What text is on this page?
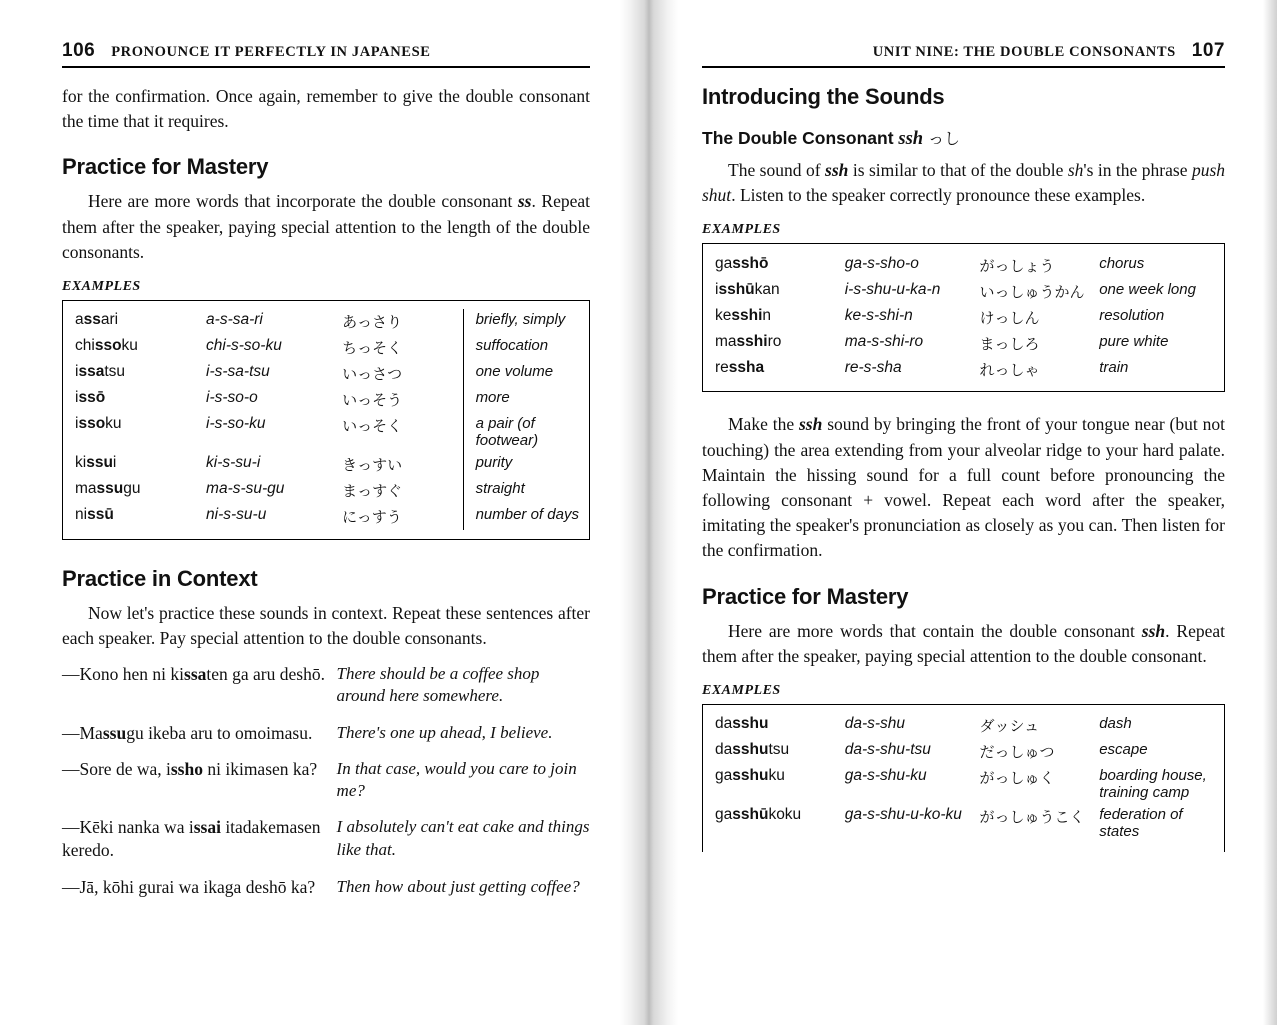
106 PRONOUNCE IT PERFECTLY IN JAPANESE

for the confirmation. Once again, remember to give the double consonant the time that it requires.

Practice for Mastery

Here are more words that incorporate the double consonant ss. Repeat them after the speaker, paying special attention to the length of the double consonants.

EXAMPLES
assari	a-s-sa-ri	あっさり	briefly, simply
chissoku	chi-s-so-ku	ちっそく	suffocation
issatsu	i-s-sa-tsu	いっさつ	one volume
issō	i-s-so-o	いっそう	more
issoku	i-s-so-ku	いっそく	a pair (of footwear)
kissui	ki-s-su-i	きっすい	purity
massugu	ma-s-su-gu	まっすぐ	straight
nissū	ni-s-su-u	にっすう	number of days
Practice in Context

Now let's practice these sounds in context. Repeat these sentences after each speaker. Pay special attention to the double consonants.

—Kono hen ni kissaten ga aru deshō.	There should be a coffee shop around here somewhere.
—Massugu ikeba aru to omoimasu.	There's one up ahead, I believe.
—Sore de wa, issho ni ikimasen ka?	In that case, would you care to join me?
—Kēki nanka wa issai itadakemasen keredo.	I absolutely can't eat cake and things like that.
—Jā, kōhi gurai wa ikaga deshō ka?	Then how about just getting coffee?
UNIT NINE: THE DOUBLE CONSONANTS 107
Introducing the Sounds
The Double Consonant ssh っし

The sound of ssh is similar to that of the double sh's in the phrase push shut. Listen to the speaker correctly pronounce these examples.

EXAMPLES
gasshō	ga-s-sho-o	がっしょう	chorus
isshūkan	i-s-shu-u-ka-n	いっしゅうかん	one week long
kesshin	ke-s-shi-n	けっしん	resolution
masshiro	ma-s-shi-ro	まっしろ	pure white
ressha	re-s-sha	れっしゃ	train

Make the ssh sound by bringing the front of your tongue near (but not touching) the area extending from your alveolar ridge to your hard palate. Maintain the hissing sound for a full count before pronouncing the following consonant + vowel. Repeat each word after the speaker, imitating the speaker's pronunciation as closely as you can. Then listen for the confirmation.

Practice for Mastery

Here are more words that contain the double consonant ssh. Repeat them after the speaker, paying special attention to the double consonant.

EXAMPLES
dasshu	da-s-shu	ダッシュ	dash
dasshutsu	da-s-shu-tsu	だっしゅつ	escape
gasshuku	ga-s-shu-ku	がっしゅく	boarding house, training camp
gasshūkoku	ga-s-shu-u-ko-ku	がっしゅうこく	federation of states
